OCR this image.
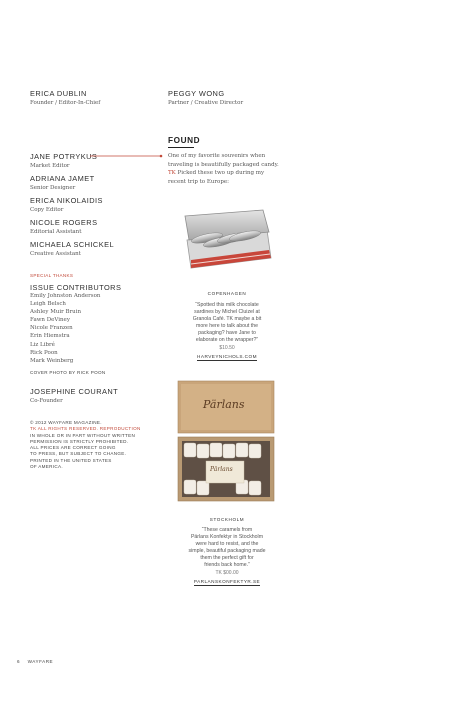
ERICA DUBLIN
Founder / Editor-In-Chief
PEGGY WONG
Partner / Creative Director
JANE POTRYKUS
Market Editor
ADRIANA JAMET
Senior Designer
ERICA NIKOLAIDIS
Copy Editor
NICOLE ROGERS
Editorial Assistant
MICHAELA SCHICKEL
Creative Assistant
SPECIAL THANKS
ISSUE CONTRIBUTORS
Emily Johnston Anderson
Leigh Belsch
Ashley Muir Bruin
Fawn DeViney
Nicole Franzen
Erin Hiemstra
Liz Libré
Rick Poon
Mark Weinberg
COVER PHOTO BY RICK POON
JOSEPHINE COURANT
Co-Founder
© 2012 WAYFARE MAGAZINE.
TK ALL RIGHTS RESERVED. REPRODUCTION
IN WHOLE OR IN PART WITHOUT WRITTEN
PERMISSION IS STRICTLY PROHIBITED.
ALL PRICES ARE CORRECT GOING
TO PRESS, BUT SUBJECT TO CHANGE.
PRINTED IN THE UNITED STATES
OF AMERICA.
FOUND
One of my favorite souvenirs when traveling is beautifully packaged candy. TK Picked these two up during my recent trip to Europe:
COPENHAGEN
“Spotted this milk chocolate
sardines by Michel Cluizel at
Granola Café. TK maybe a bit
more here to talk about the
packaging? have Jane to
elaborate on the wrapper?”
$10.50
HARVEYNICHOLS.COM
Pärlans
Pärlans
STOCKHOLM
“These caramels from
Pärlans Konfektyr in Stockholm
were hard to resist, and the
simple, beautiful packaging made
them the perfect gift for
friends back home.”
TK $00.00
PARLANSKONFEKTYR.SE
6 WAYFARE
